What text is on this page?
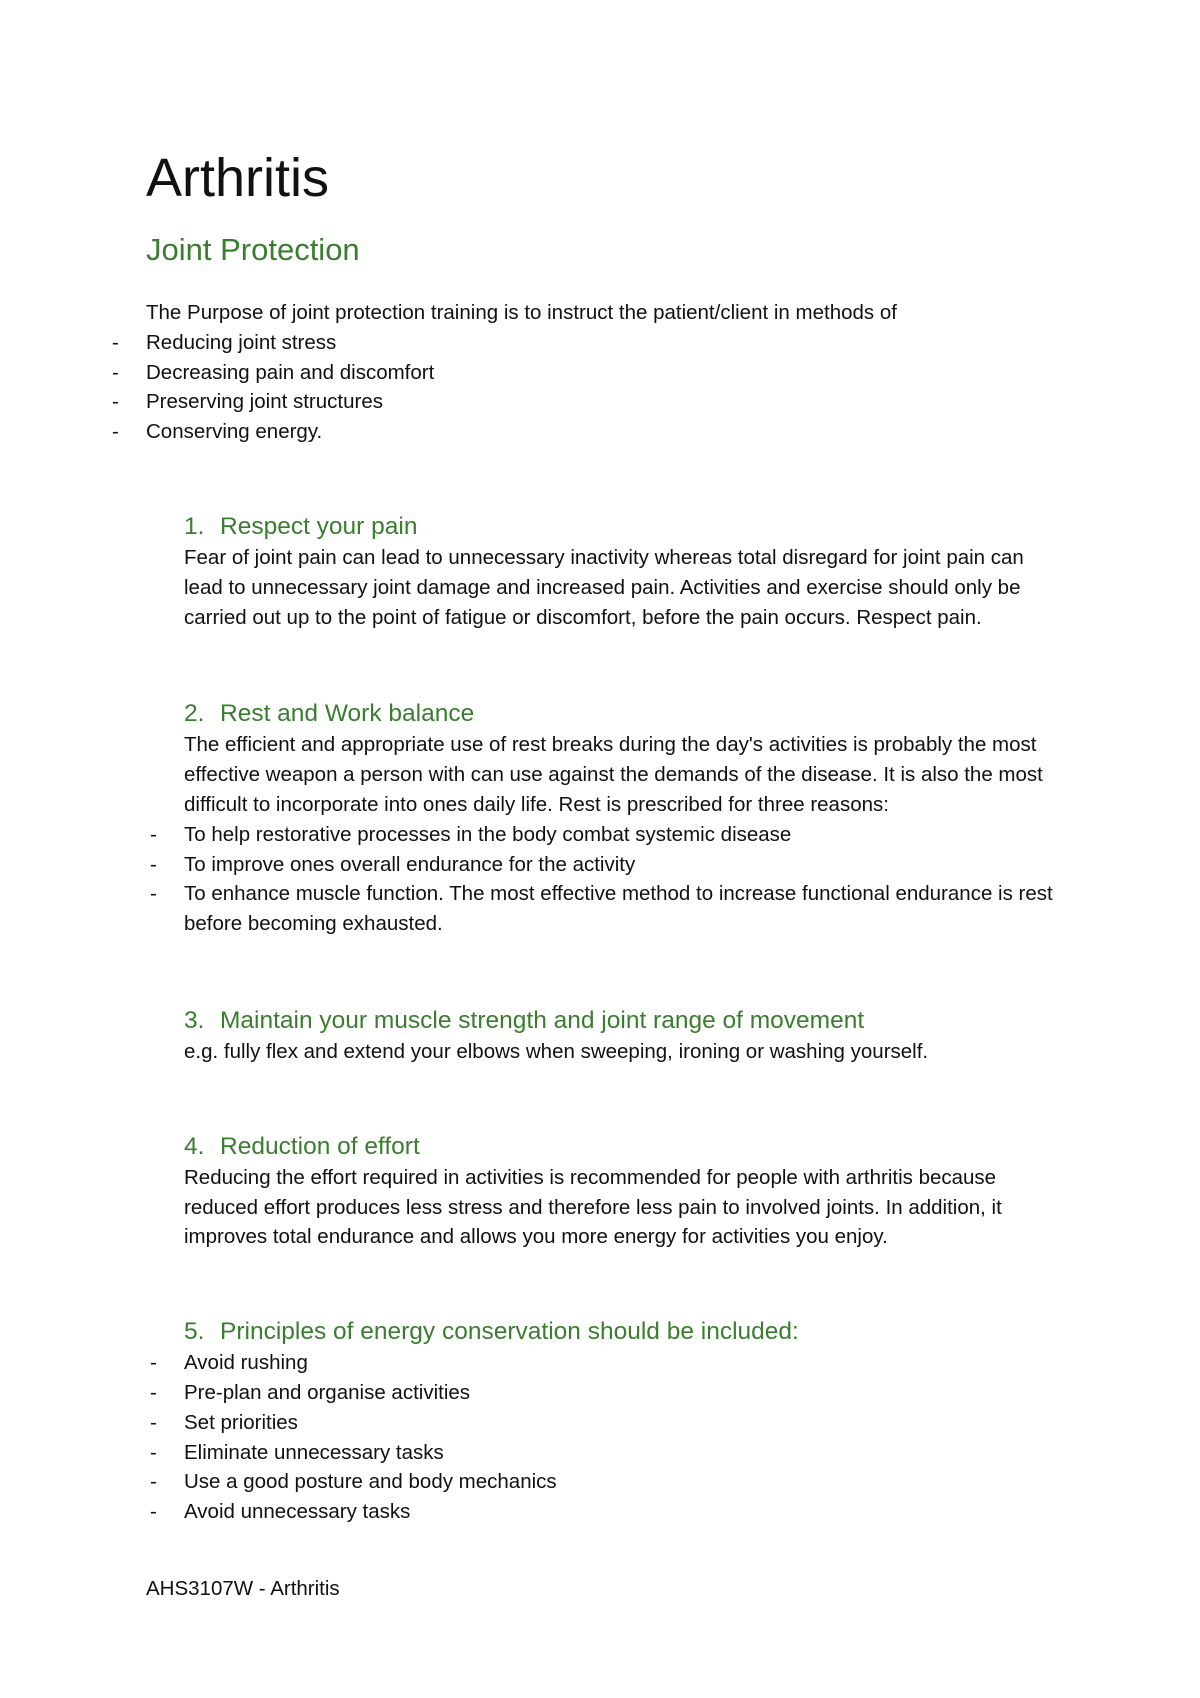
Arthritis
Joint Protection

The Purpose of joint protection training is to instruct the patient/client in methods of

- Reducing joint stress
- Decreasing pain and discomfort
- Preserving joint structures
- Conserving energy.
1. Respect your pain

Fear of joint pain can lead to unnecessary inactivity whereas total disregard for joint pain can lead to unnecessary joint damage and increased pain. Activities and exercise should only be carried out up to the point of fatigue or discomfort, before the pain occurs. Respect pain.

2. Rest and Work balance

The efficient and appropriate use of rest breaks during the day's activities is probably the most effective weapon a person with can use against the demands of the disease. It is also the most difficult to incorporate into ones daily life. Rest is prescribed for three reasons:

- To help restorative processes in the body combat systemic disease
- To improve ones overall endurance for the activity
- To enhance muscle function. The most effective method to increase functional endurance is rest before becoming exhausted.
3. Maintain your muscle strength and joint range of movement

e.g. fully flex and extend your elbows when sweeping, ironing or washing yourself.

4. Reduction of effort

Reducing the effort required in activities is recommended for people with arthritis because reduced effort produces less stress and therefore less pain to involved joints. In addition, it improves total endurance and allows you more energy for activities you enjoy.

5. Principles of energy conservation should be included:
- Avoid rushing
- Pre-plan and organise activities
- Set priorities
- Eliminate unnecessary tasks
- Use a good posture and body mechanics
- Avoid unnecessary tasks
AHS3107W - Arthritis
